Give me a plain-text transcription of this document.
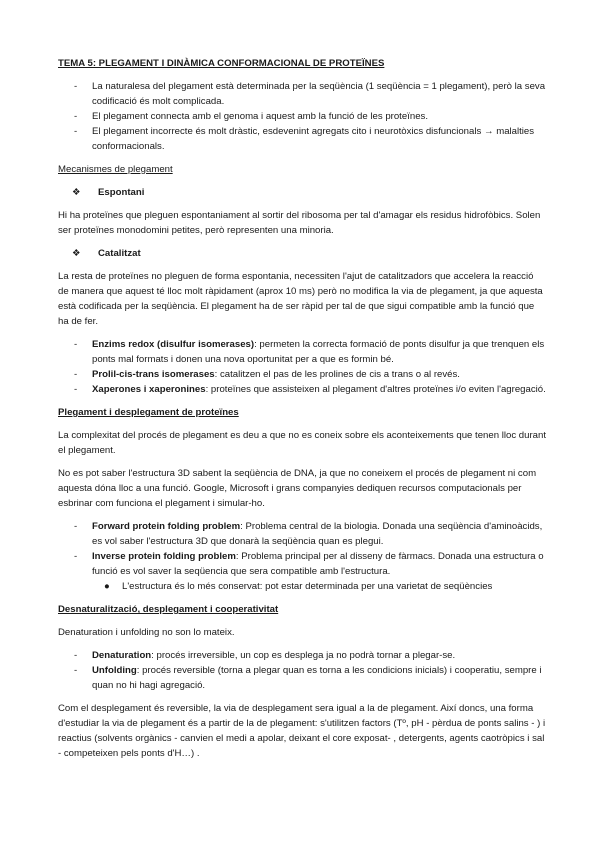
TEMA 5: PLEGAMENT I DINÀMICA CONFORMACIONAL DE PROTEÏNES
- La naturalesa del plegament està determinada per la seqüència (1 seqüència = 1 plegament), però la seva codificació és molt complicada.
- El plegament connecta amb el genoma i aquest amb la funció de les proteïnes.
- El plegament incorrecte és molt dràstic, esdevenint agregats cito i neurotòxics disfuncionals → malalties conformacionals.
Mecanismes de plegament
❖ Espontani

Hi ha proteïnes que pleguen espontaniament al sortir del ribosoma per tal d'amagar els residus hidrofòbics. Solen ser proteïnes monodomini petites, però representen una minoria.

❖ Catalitzat

La resta de proteïnes no pleguen de forma espontania, necessiten l'ajut de catalitzadors que accelera la reacció de manera que aquest té lloc molt ràpidament (aprox 10 ms) però no modifica la via de plegament, ja que aquesta està codificada per la seqüència. El plegament ha de ser ràpid per tal de que sigui compatible amb la funció que ha de fer.

- Enzims redox (disulfur isomerases): permeten la correcta formació de ponts disulfur ja que trenquen els ponts mal formats i donen una nova oportunitat per a que es formin bé.
- Prolil-cis-trans isomerases: catalitzen el pas de les prolines de cis a trans o al revés.
- Xaperones i xaperonines: proteïnes que assisteixen al plegament d'altres proteïnes i/o eviten l'agregació.
Plegament i desplegament de proteïnes

La complexitat del procés de plegament es deu a que no es coneix sobre els aconteixements que tenen lloc durant el plegament.

No es pot saber l'estructura 3D sabent la seqüència de DNA, ja que no coneixem el procés de plegament ni com aquesta dóna lloc a una funció. Google, Microsoft i grans companyies dediquen recursos computacionals per esbrinar com funciona el plegament i simular-ho.

- Forward protein folding problem: Problema central de la biologia. Donada una seqüència d'aminoàcids, es vol saber l'estructura 3D que donarà la seqüència quan es plegui.
- Inverse protein folding problem: Problema principal per al disseny de fàrmacs. Donada una estructura o funció es vol saver la seqüencia que sera compatible amb l'estructura.
● L'estructura és lo més conservat: pot estar determinada per una varietat de seqüències
Desnaturalització, desplegament i cooperativitat

Denaturation i unfolding no son lo mateix.

- Denaturation: procés irreversible, un cop es desplega ja no podrà tornar a plegar-se.
- Unfolding: procés reversible (torna a plegar quan es torna a les condicions inicials) i cooperatiu, sempre i quan no hi hagi agregació.

Com el desplegament és reversible, la via de desplegament sera igual a la de plegament. Així doncs, una forma d'estudiar la via de plegament és a partir de la de plegament: s'utilitzen factors (Tº, pH - pèrdua de ponts salins - ) i reactius (solvents orgànics - canvien el medi a apolar, deixant el core exposat- , detergents, agents caotròpics i sal - competeixen pels ponts d'H…) .
